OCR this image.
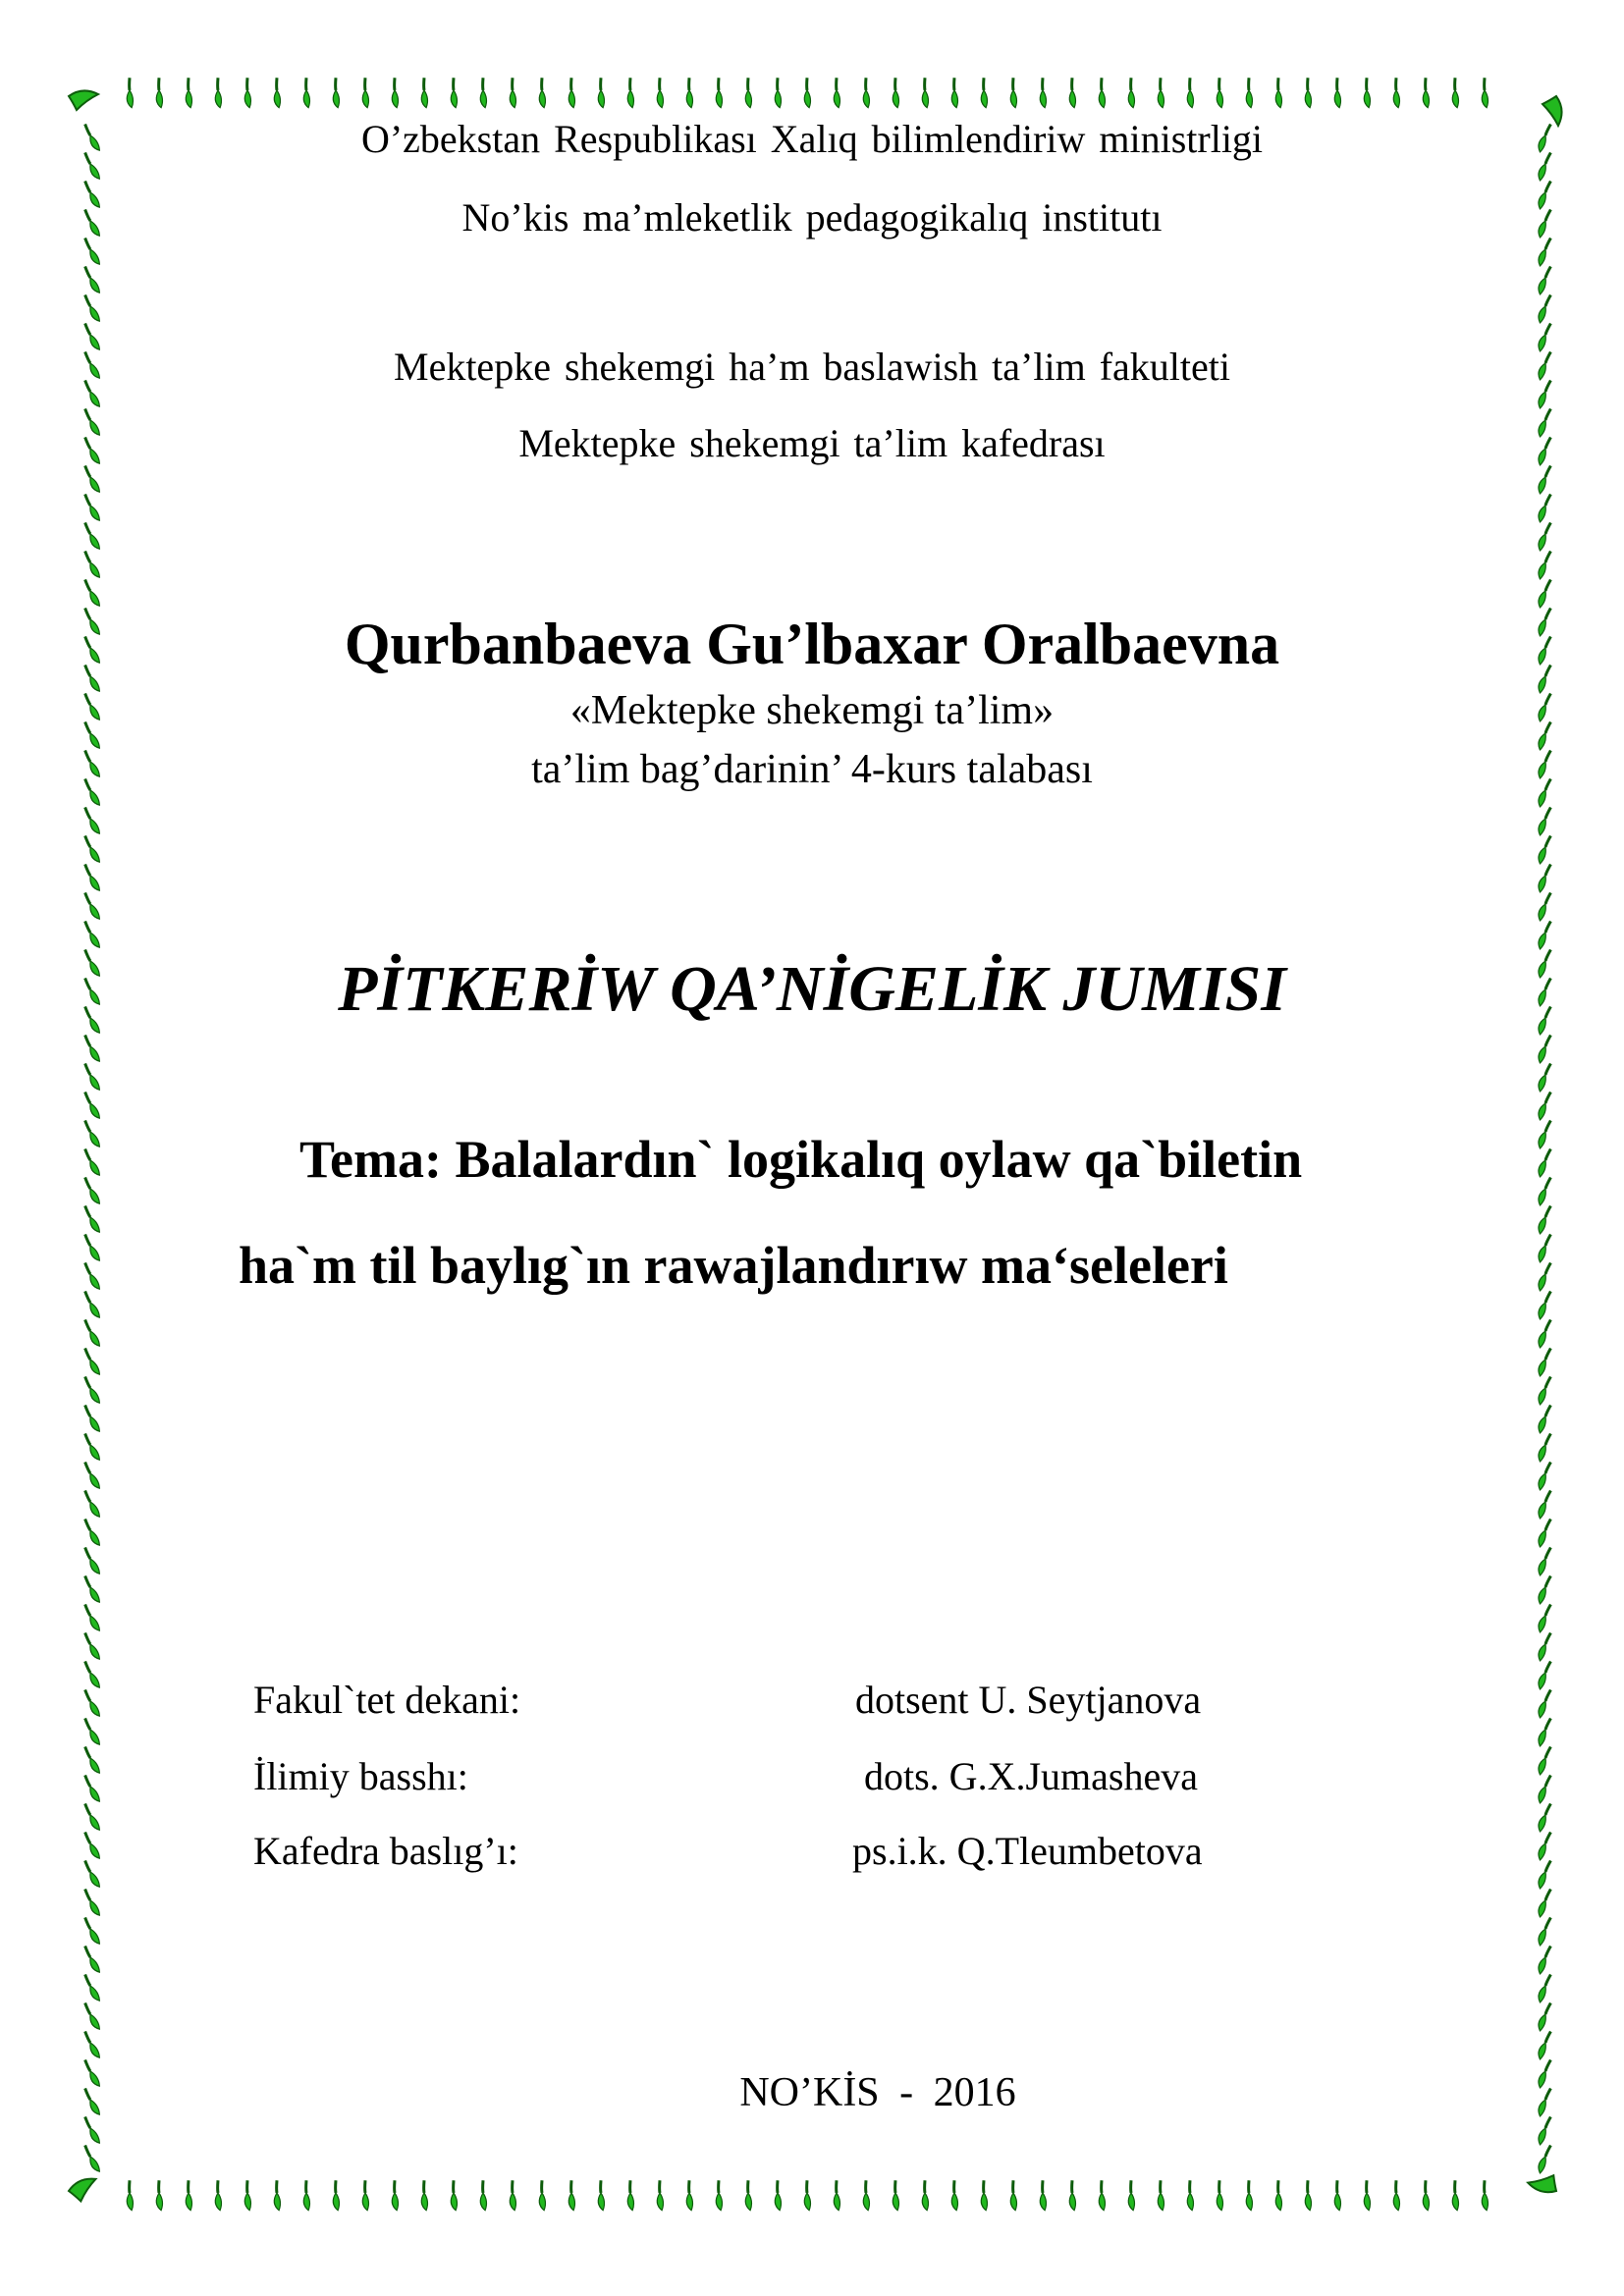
O’zbekstan Respublikası Xalıq bilimlendiriw ministrligi
No’kis ma’mleketlik pedagogikalıq institutı
Mektepke shekemgi ha’m baslawish ta’lim fakulteti
Mektepke shekemgi ta’lim kafedrası
Qurbanbaeva Gu’lbaxar Oralbaevna
«Mektepke shekemgi ta’lim»
ta’lim bag’darinin’ 4-kurs talabası
PİTKERİW QA’NİGELİK JUMISI
Tema: Balalardın` logikalıq oylaw qa`biletin
ha`m til baylıg`ın rawajlandırıw ma‘seleleri
Fakul`tet dekani:	dotsent U. Seytjanova
İlimiy basshı:	dots. G.X.Jumasheva
Kafedra baslıg’ı:	ps.i.k. Q.Tleumbetova
NO’KİS - 2016
